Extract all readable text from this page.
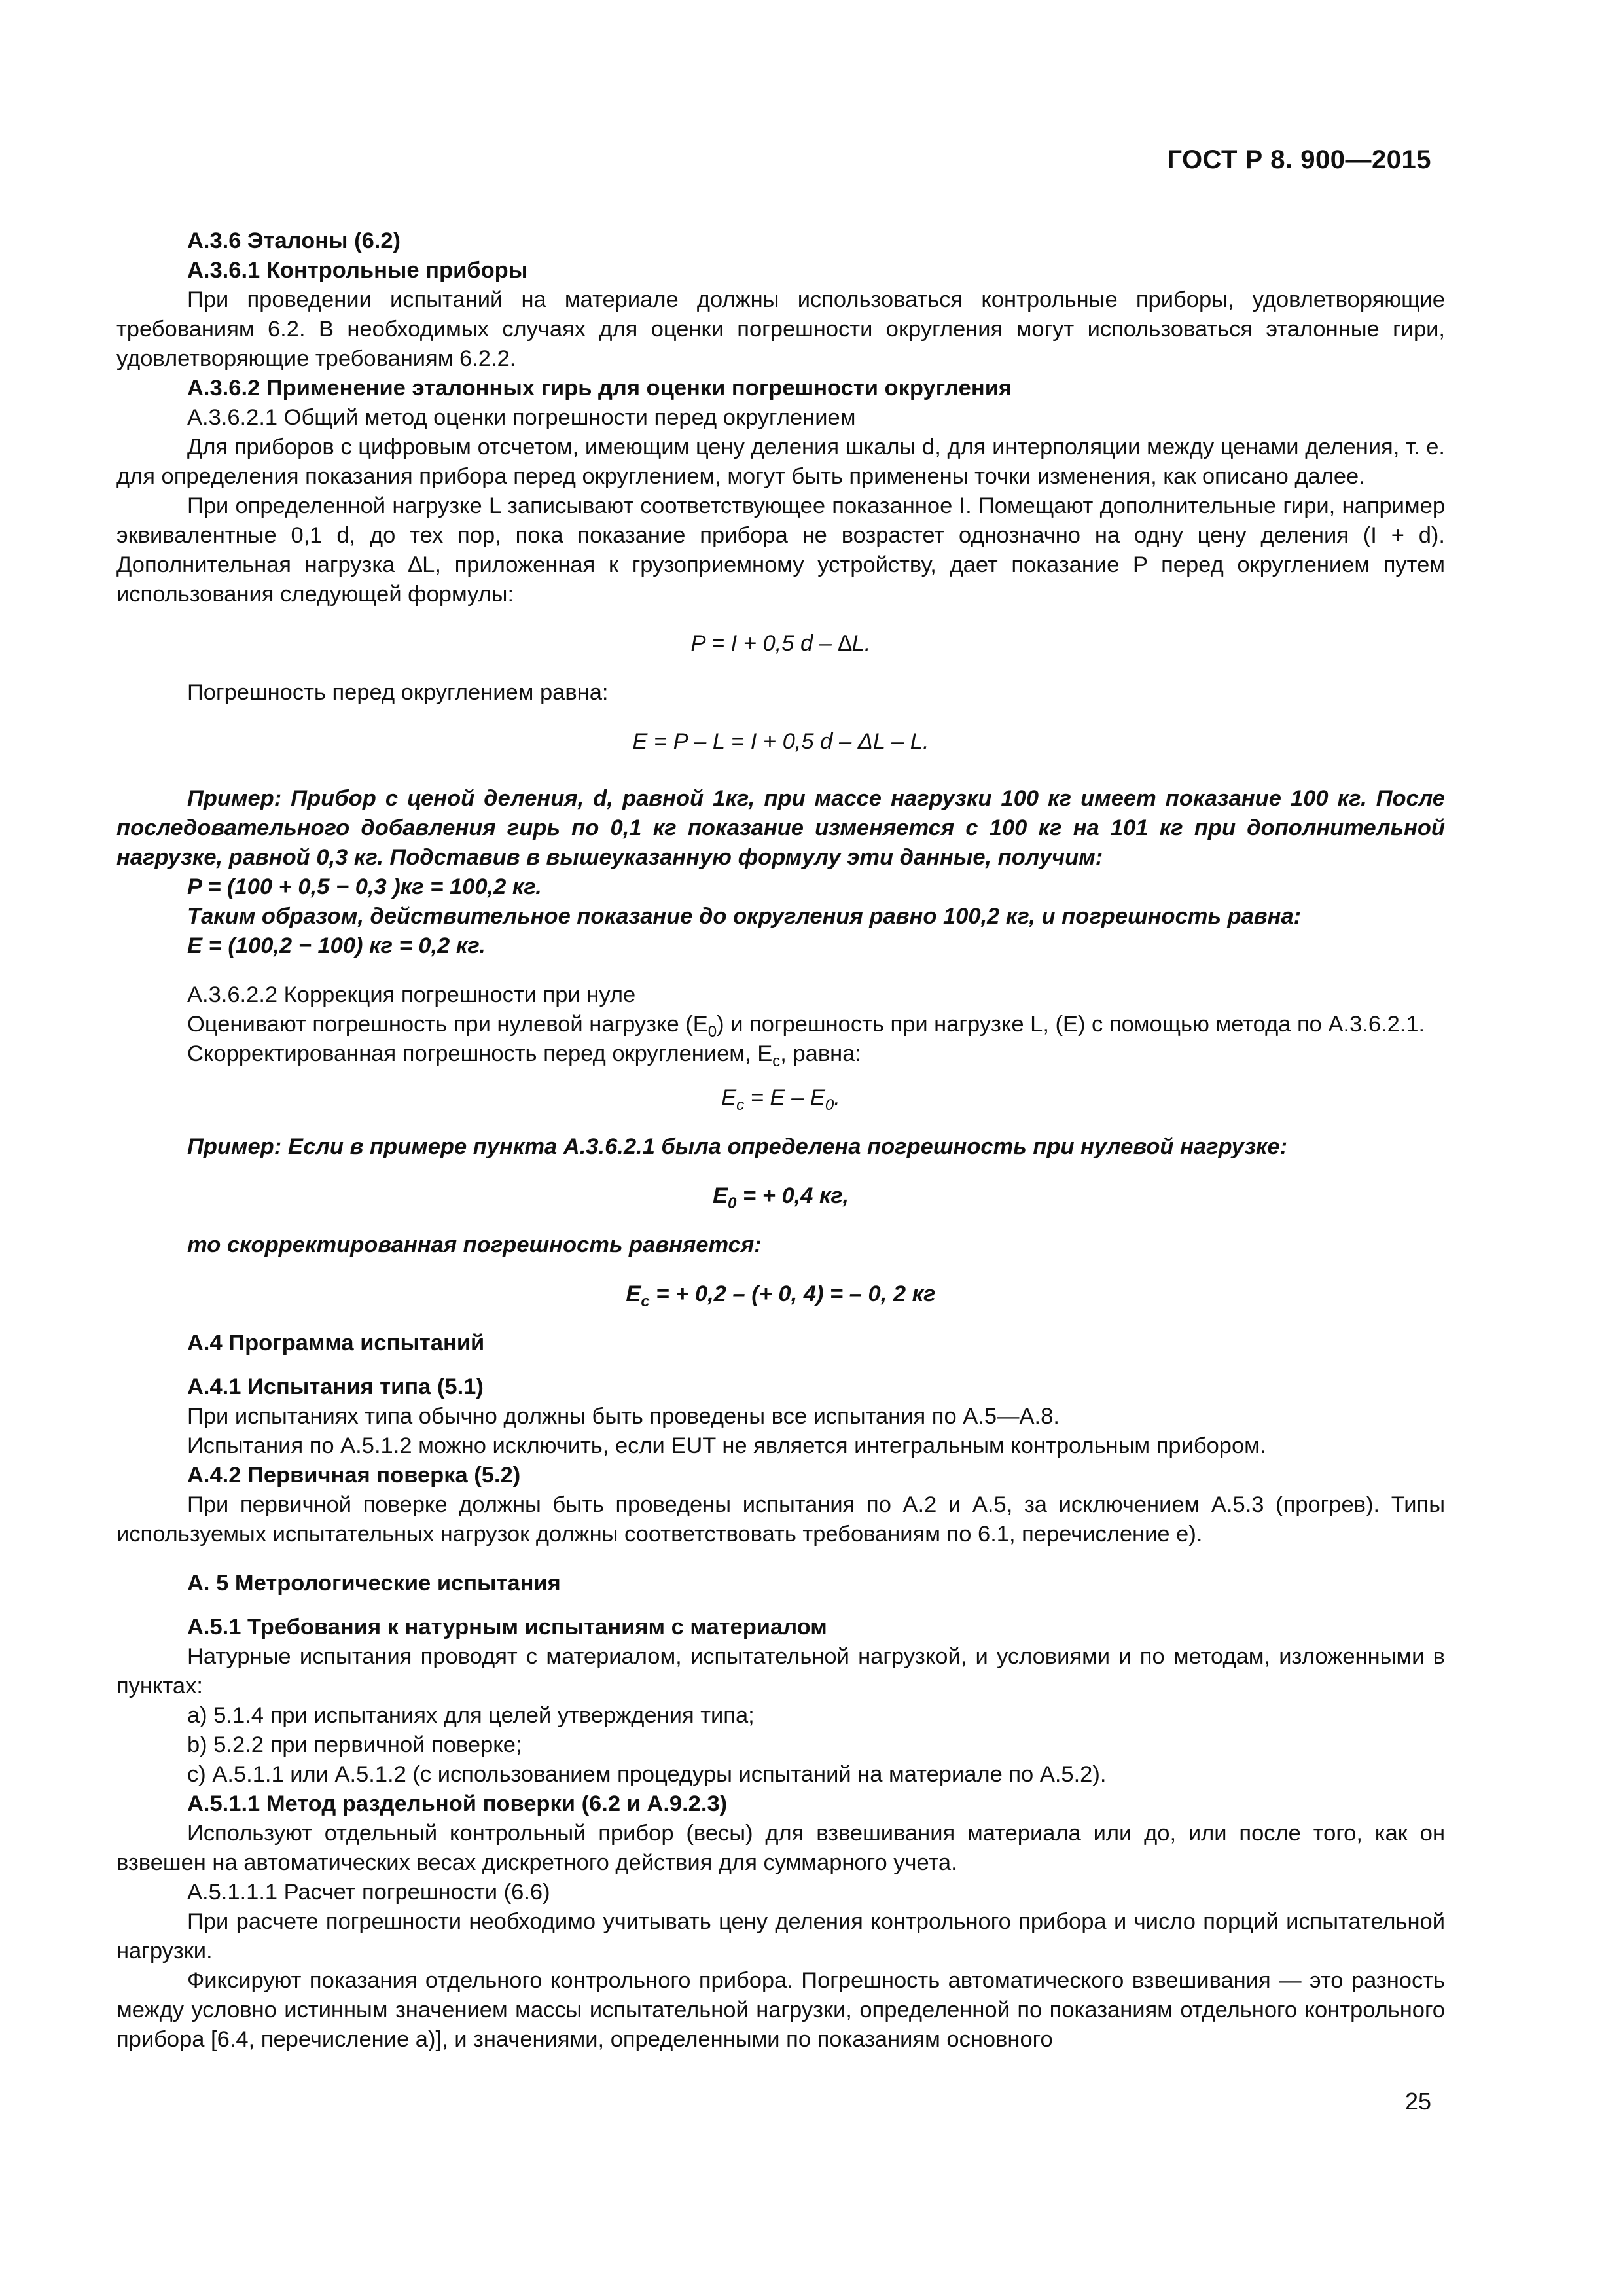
ГОСТ Р 8. 900—2015

А.3.6 Эталоны (6.2)

А.3.6.1 Контрольные приборы

При проведении испытаний на материале должны использоваться контрольные приборы, удовлетворяющие требованиям 6.2. В необходимых случаях для оценки погрешности округления могут использоваться эталонные гири, удовлетворяющие требованиям 6.2.2.

А.3.6.2 Применение эталонных гирь для оценки погрешности округления

А.3.6.2.1 Общий метод оценки погрешности перед округлением

Для приборов с цифровым отсчетом, имеющим цену деления шкалы d, для интерполяции между ценами деления, т. е. для определения показания прибора перед округлением, могут быть применены точки изменения, как описано далее.

При определенной нагрузке L записывают соответствующее показанное I. Помещают дополнительные гири, например эквивалентные 0,1 d, до тех пор, пока показание прибора не возрастет однозначно на одну цену деления (I + d). Дополнительная нагрузка ∆L, приложенная к грузоприемному устройству, дает показание P перед округлением путем использования следующей формулы:

P = I + 0,5 d – ∆L.

Погрешность перед округлением равна:

E = P – L = I + 0,5 d – ΔL – L.

Пример: Прибор с ценой деления, d, равной 1кг, при массе нагрузки 100 кг имеет показание 100 кг. После последовательного добавления гирь по 0,1 кг показание изменяется с 100 кг на 101 кг при дополнительной нагрузке, равной 0,3 кг. Подставив в вышеуказанную формулу эти данные, получим:

P = (100 + 0,5 − 0,3 )кг = 100,2 кг.

Таким образом, действительное показание до округления равно 100,2 кг, и погрешность равна:

E = (100,2 − 100) кг = 0,2 кг.

А.3.6.2.2 Коррекция погрешности при нуле

Оценивают погрешность при нулевой нагрузке $(E_0)$ и погрешность при нагрузке L, (E) с помощью метода по А.3.6.2.1.

Скорректированная погрешность перед округлением, $E_c$, равна:

$E_c = E - E_0$.

Пример: Если в примере пункта А.3.6.2.1 была определена погрешность при нулевой нагрузке:

$E_0$ = + 0,4 кг,

то скорректированная погрешность равняется:

$E_c$ = + 0,2 – (+ 0, 4) = – 0, 2 кг

А.4 Программа испытаний

А.4.1 Испытания типа (5.1)

При испытаниях типа обычно должны быть проведены все испытания по А.5—А.8.

Испытания по А.5.1.2 можно исключить, если EUT не является интегральным контрольным прибором.

А.4.2 Первичная поверка (5.2)

При первичной поверке должны быть проведены испытания по А.2 и А.5, за исключением А.5.3 (прогрев). Типы используемых испытательных нагрузок должны соответствовать требованиям по 6.1, перечисление е).

А. 5 Метрологические испытания

А.5.1 Требования к натурным испытаниям с материалом

Натурные испытания проводят с материалом, испытательной нагрузкой, и условиями и по методам, изложенными в пунктах:

а) 5.1.4 при испытаниях для целей утверждения типа;

b) 5.2.2 при первичной поверке;

с) А.5.1.1 или А.5.1.2 (с использованием процедуры испытаний на материале по А.5.2).

А.5.1.1 Метод раздельной поверки (6.2 и А.9.2.3)

Используют отдельный контрольный прибор (весы) для взвешивания материала или до, или после того, как он взвешен на автоматических весах дискретного действия для суммарного учета.

А.5.1.1.1 Расчет погрешности (6.6)

При расчете погрешности необходимо учитывать цену деления контрольного прибора и число порций испытательной нагрузки.

Фиксируют показания отдельного контрольного прибора. Погрешность автоматического взвешивания — это разность между условно истинным значением массы испытательной нагрузки, определенной по показаниям отдельного контрольного прибора [6.4, перечисление а)], и значениями, определенными по показаниям основного

25
